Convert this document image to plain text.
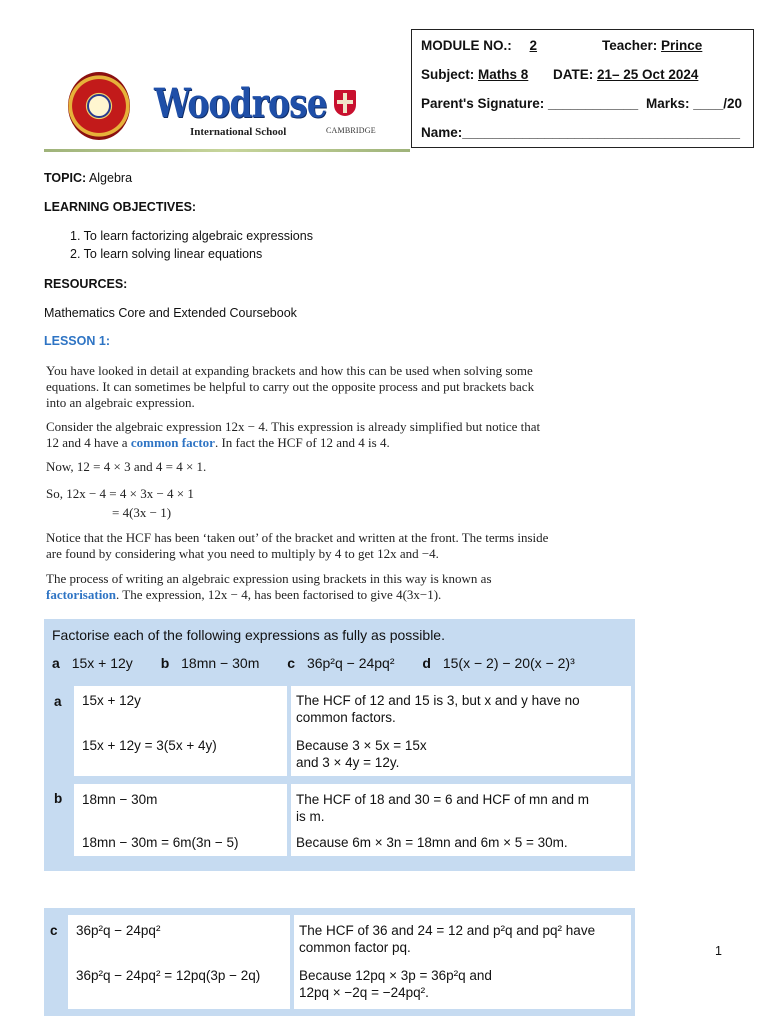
Woodrose
International School	CAMBRIDGE
MODULE NO.: 2	Teacher: Prince
Subject: Maths 8 DATE: 21– 25 Oct 2024
Parent's Signature: ____________ Marks: ____/20
Name:_____________________________________
TOPIC: Algebra
LEARNING OBJECTIVES:
1. To learn factorizing algebraic expressions
2. To learn solving linear equations
RESOURCES:
Mathematics Core and Extended Coursebook
LESSON 1:
You have looked in detail at expanding brackets and how this can be used when solving some
equations. It can sometimes be helpful to carry out the opposite process and put brackets back
into an algebraic expression.
Consider the algebraic expression 12x − 4. This expression is already simplified but notice that
12 and 4 have a common factor. In fact the HCF of 12 and 4 is 4.
Now, 12 = 4 × 3 and 4 = 4 × 1.
So, 12x − 4 = 4 × 3x − 4 × 1
= 4(3x − 1)
Notice that the HCF has been ‘taken out’ of the bracket and written at the front. The terms inside
are found by considering what you need to multiply by 4 to get 12x and −4.
The process of writing an algebraic expression using brackets in this way is known as
factorisation. The expression, 12x − 4, has been factorised to give 4(3x−1).
Factorise each of the following expressions as fully as possible.
a 15x + 12y b 18mn − 30m c 36p²q − 24pq² d 15(x − 2) − 20(x − 2)³
a 15x + 12y
15x + 12y = 3(5x + 4y)
The HCF of 12 and 15 is 3, but x and y have no
common factors.
Because 3 × 5x = 15x
and 3 × 4y = 12y.
b 18mn − 30m
18mn − 30m = 6m(3n − 5)
The HCF of 18 and 30 = 6 and HCF of mn and m
is m.
Because 6m × 3n = 18mn and 6m × 5 = 30m.
c 36p²q − 24pq²
36p²q − 24pq² = 12pq(3p − 2q)
The HCF of 36 and 24 = 12 and p²q and pq² have
common factor pq.
Because 12pq × 3p = 36p²q and
12pq × −2q = −24pq².
1
